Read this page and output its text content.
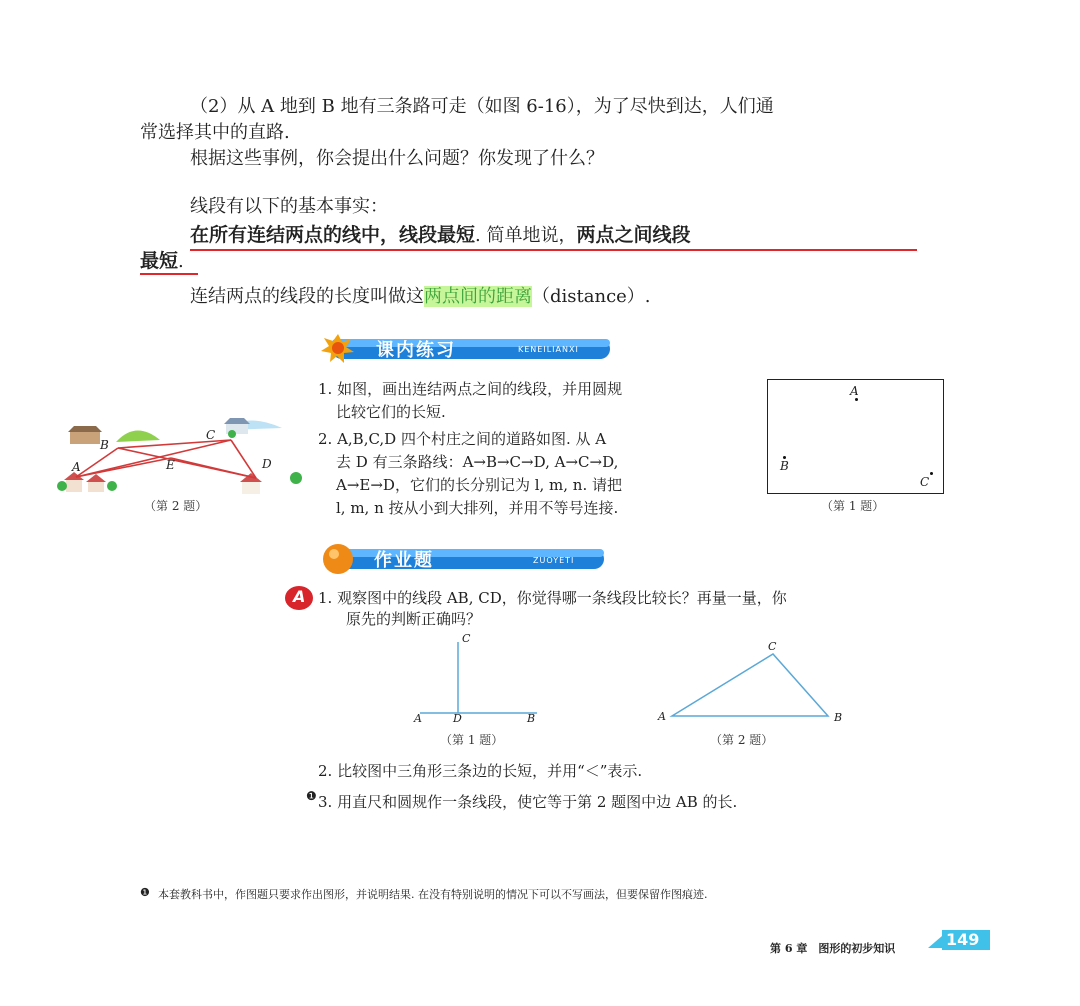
（2）从 A 地到 B 地有三条路可走（如图 6-16），为了尽快到达，人们通
常选择其中的直路.
根据这些事例，你会提出什么问题？你发现了什么？
线段有以下的基本事实：
在所有连结两点的线中，线段最短. 简单地说，两点之间线段
最短.
连结两点的线段的长度叫做这两点间的距离（distance）.
课内练习	KENEILIANXI
1. 如图，画出连结两点之间的线段，并用圆规
比较它们的长短.
2. A,B,C,D 四个村庄之间的道路如图. 从 A
去 D 有三条路线：A→B→C→D, A→C→D,
A→E→D，它们的长分别记为 l, m, n. 请把
l, m, n 按从小到大排列，并用不等号连接.
A
B
C
D
E
（第 2 题）
A
B
C
（第 1 题）
作业题	ZUOYETI
A 1. 观察图中的线段 AB, CD，你觉得哪一条线段比较长？再量一量，你
原先的判断正确吗？
C
A	D	B
（第 1 题）
C
A	B
（第 2 题）
2. 比较图中三角形三条边的长短，并用“＜”表示.
❶ 3. 用直尺和圆规作一条线段，使它等于第 2 题图中边 AB 的长.
❶ 本套教科书中，作图题只要求作出图形，并说明结果. 在没有特别说明的情况下可以不写画法，但要保留作图痕迹.
第 6 章　图形的初步知识	149
